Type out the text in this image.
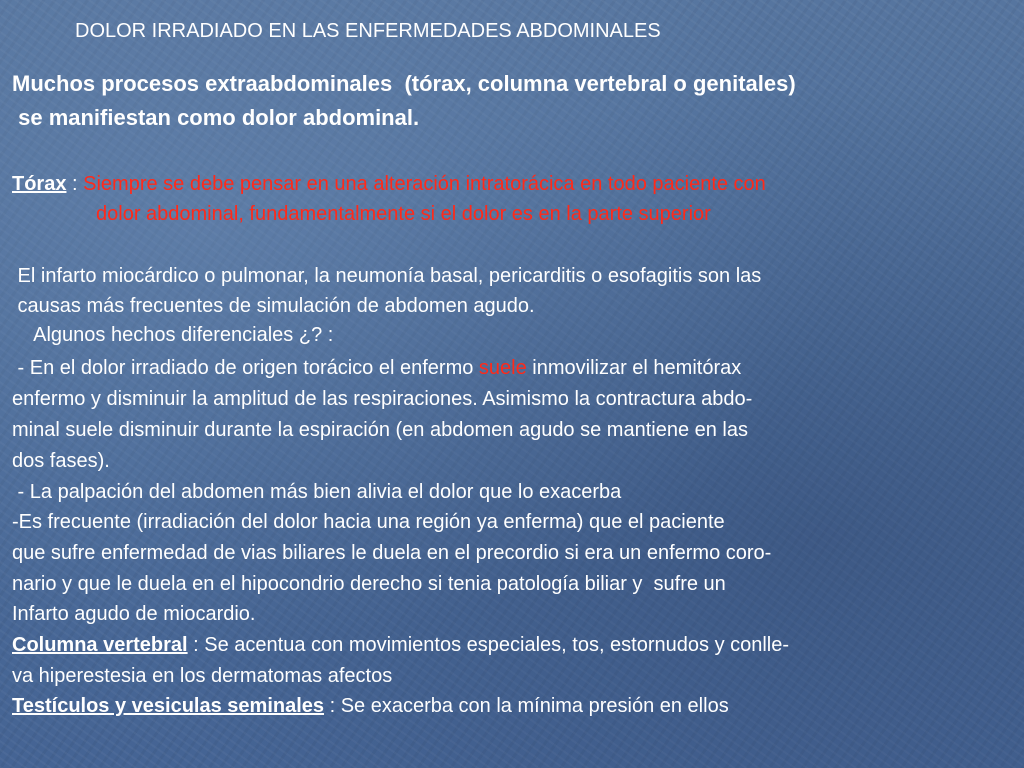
DOLOR IRRADIADO EN LAS ENFERMEDADES ABDOMINALES
Muchos procesos extraabdominales  (tórax, columna vertebral o genitales)
se manifiestan como dolor abdominal.
Tórax : Siempre se debe pensar en una alteración intratorácica en todo paciente con
dolor abdominal, fundamentalmente si el dolor es en la parte superior
El infarto miocárdico o pulmonar, la neumonía basal, pericarditis o esofagitis son las
causas más frecuentes de simulación de abdomen agudo.
Algunos hechos diferenciales ¿? :
- En el dolor irradiado de origen torácico el enfermo suele inmovilizar el hemitórax
enfermo y disminuir la amplitud de las respiraciones. Asimismo la contractura abdo-
minal suele disminuir durante la espiración (en abdomen agudo se mantiene en las
dos fases).
- La palpación del abdomen más bien alivia el dolor que lo exacerba
-Es frecuente (irradiación del dolor hacia una región ya enferma) que el paciente
que sufre enfermedad de vias biliares le duela en el precordio si era un enfermo coro-
nario y que le duela en el hipocondrio derecho si tenia patología biliar y  sufre un
Infarto agudo de miocardio.
Columna vertebral : Se acentua con movimientos especiales, tos, estornudos y conlle-
va hiperestesia en los dermatomas afectos
Testículos y vesiculas seminales : Se exacerba con la mínima presión en ellos
